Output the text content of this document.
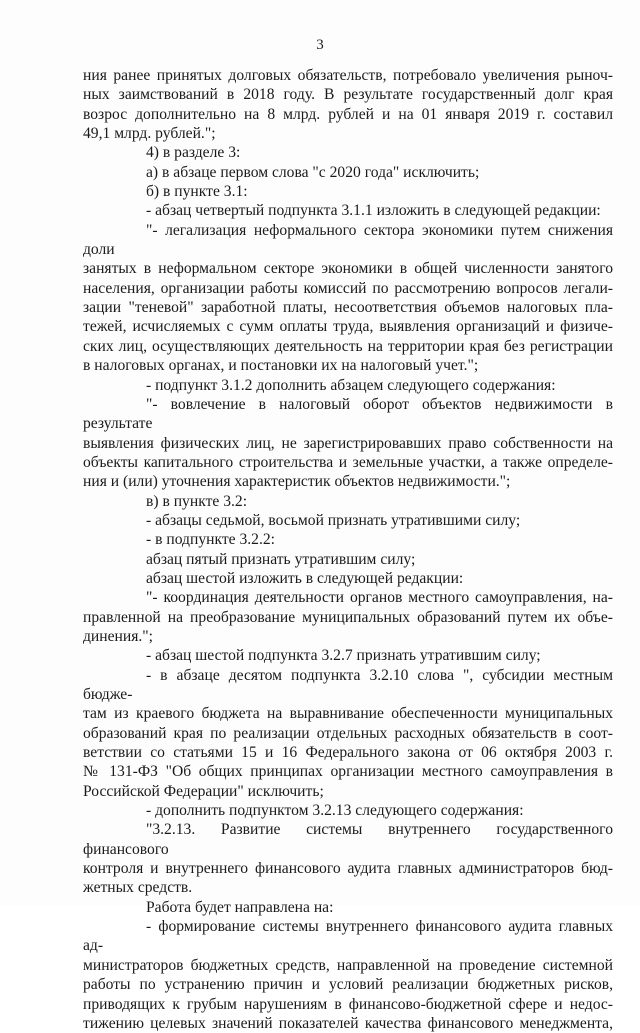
3

ния ранее принятых долговых обязательств, потребовало увеличения рыноч-

ных заимствований в 2018 году. В результате государственный долг края

возрос дополнительно на 8 млрд. рублей и на 01 января 2019 г. составил

49,1 млрд. рублей.";

4) в разделе 3:

а) в абзаце первом слова "с 2020 года" исключить;

б) в пункте 3.1:

- абзац четвертый подпункта 3.1.1 изложить в следующей редакции:

"- легализация неформального сектора экономики путем снижения доли

занятых в неформальном секторе экономики в общей численности занятого

населения, организации работы комиссий по рассмотрению вопросов легали-

зации "теневой" заработной платы, несоответствия объемов налоговых пла-

тежей, исчисляемых с сумм оплаты труда, выявления организаций и физиче-

ских лиц, осуществляющих деятельность на территории края без регистрации

в налоговых органах, и постановки их на налоговый учет.";

- подпункт 3.1.2 дополнить абзацем следующего содержания:

"- вовлечение в налоговый оборот объектов недвижимости в результате

выявления физических лиц, не зарегистрировавших право собственности на

объекты капитального строительства и земельные участки, а также определе-

ния и (или) уточнения характеристик объектов недвижимости.";

в) в пункте 3.2:

- абзацы седьмой, восьмой признать утратившими силу;

- в подпункте 3.2.2:

абзац пятый признать утратившим силу;

абзац шестой изложить в следующей редакции:

"- координация деятельности органов местного самоуправления, на-

правленной на преобразование муниципальных образований путем их объе-

динения.";

- абзац шестой подпункта 3.2.7 признать утратившим силу;

- в абзаце десятом подпункта 3.2.10 слова ", субсидии местным бюдже-

там из краевого бюджета на выравнивание обеспеченности муниципальных

образований края по реализации отдельных расходных обязательств в соот-

ветствии со статьями 15 и 16 Федерального закона от 06 октября 2003 г.

№ 131-ФЗ "Об общих принципах организации местного самоуправления в

Российской Федерации" исключить;

- дополнить подпунктом 3.2.13 следующего содержания:

"3.2.13. Развитие системы внутреннего государственного финансового

контроля и внутреннего финансового аудита главных администраторов бюд-

жетных средств.

Работа будет направлена на:

- формирование системы внутреннего финансового аудита главных ад-

министраторов бюджетных средств, направленной на проведение системной

работы по устранению причин и условий реализации бюджетных рисков,

приводящих к грубым нарушениям в финансово-бюджетной сфере и недос-

тижению целевых значений показателей качества финансового менеджмента,
